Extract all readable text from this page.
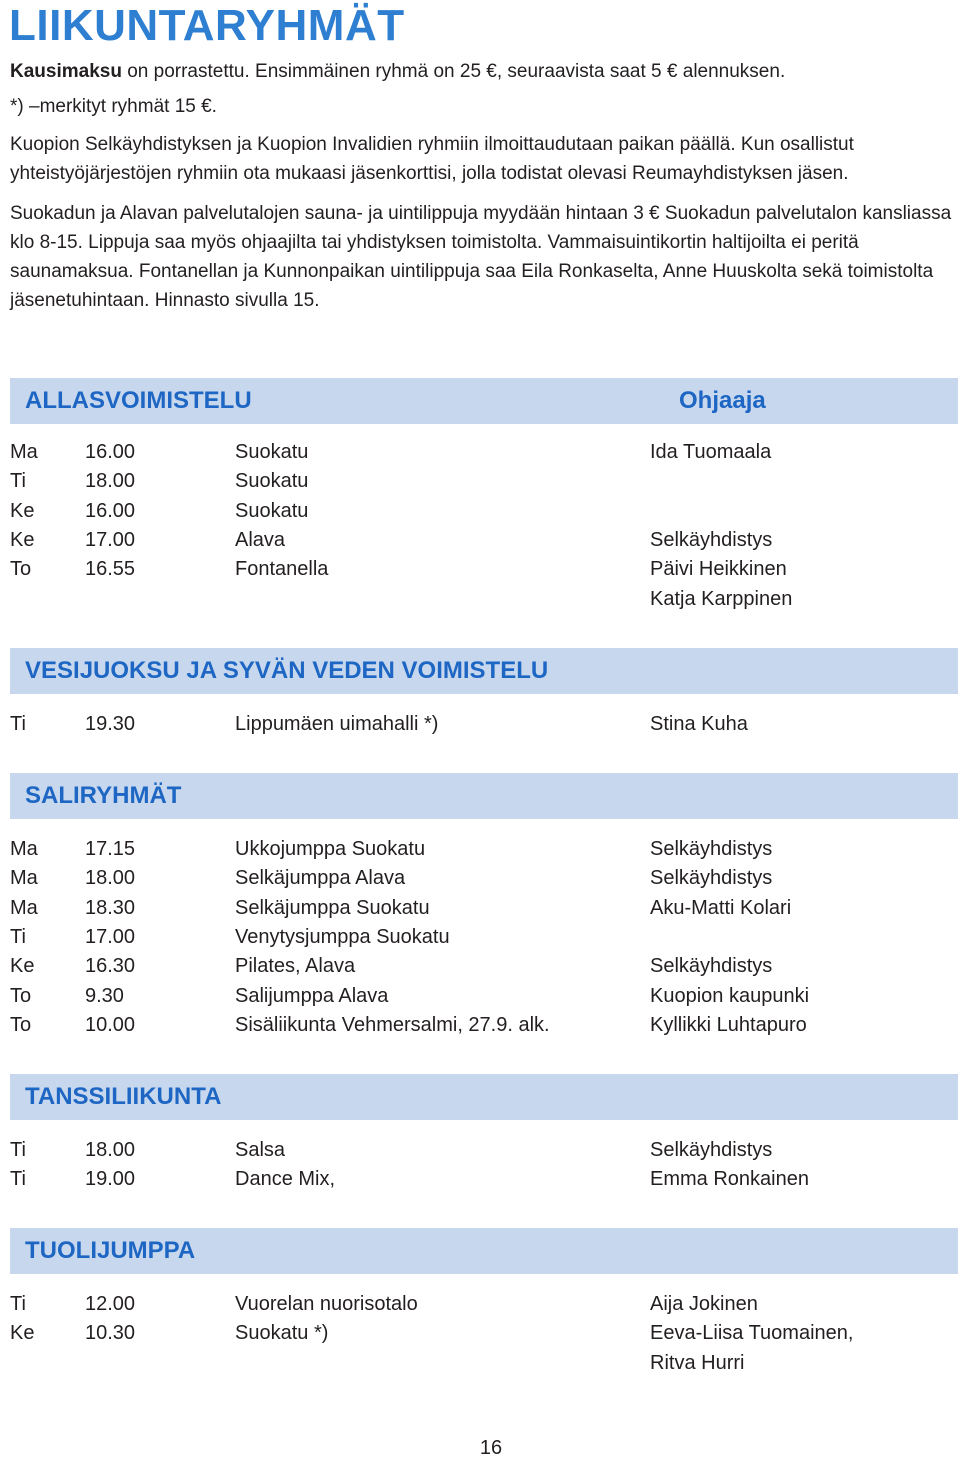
LIIKUNTARYHMÄT

Kausimaksu on porrastettu. Ensimmäinen ryhmä on 25 €, seuraavista saat 5 € alennuksen.

*) –merkityt ryhmät 15 €.

Kuopion Selkäyhdistyksen ja Kuopion Invalidien ryhmiin ilmoittaudutaan paikan päällä. Kun osallistut yhteistyöjärjestöjen ryhmiin ota mukaasi jäsenkorttisi, jolla todistat olevasi Reumayhdistyksen jäsen.

Suokadun ja Alavan palvelutalojen sauna- ja uintilippuja myydään hintaan 3 € Suokadun palvelutalon kansliassa klo 8-15. Lippuja saa myös ohjaajilta tai yhdistyksen toimistolta. Vammaisuintikortin haltijoilta ei peritä saunamaksua. Fontanellan ja Kunnonpaikan uintilippuja saa Eila Ronkaselta, Anne Huuskolta sekä toimistolta jäsenetuhintaan. Hinnasto sivulla 15.

ALLASVOIMISTELU	Ohjaaja
Ma 16.00	Suokatu	Ida Tuomaala
Ti	18.00	Suokatu
Ke	16.00	Suokatu
Ke	17.00	Alava	Selkäyhdistys
To	16.55	Fontanella	Päivi Heikkinen
Katja Karppinen
VESIJUOKSU JA SYVÄN VEDEN VOIMISTELU
Ti	19.30	Lippumäen uimahalli *)	Stina Kuha
SALIRYHMÄT
Ma 17.15	Ukkojumppa Suokatu	Selkäyhdistys
Ma 18.00	Selkäjumppa Alava	Selkäyhdistys
Ma 18.30	Selkäjumppa Suokatu	Aku-Matti Kolari
Ti	17.00	Venytysjumppa Suokatu
Ke	16.30	Pilates, Alava	Selkäyhdistys
To	9.30	Salijumppa Alava	Kuopion kaupunki
To	10.00	Sisäliikunta Vehmersalmi, 27.9. alk.	Kyllikki Luhtapuro
TANSSILIIKUNTA
Ti	18.00	Salsa	Selkäyhdistys
Ti	19.00	Dance Mix,	Emma Ronkainen
TUOLIJUMPPA
Ti	12.00	Vuorelan nuorisotalo	Aija Jokinen
Ke	10.30	Suokatu *)	Eeva-Liisa Tuomainen,
Ritva Hurri
16
